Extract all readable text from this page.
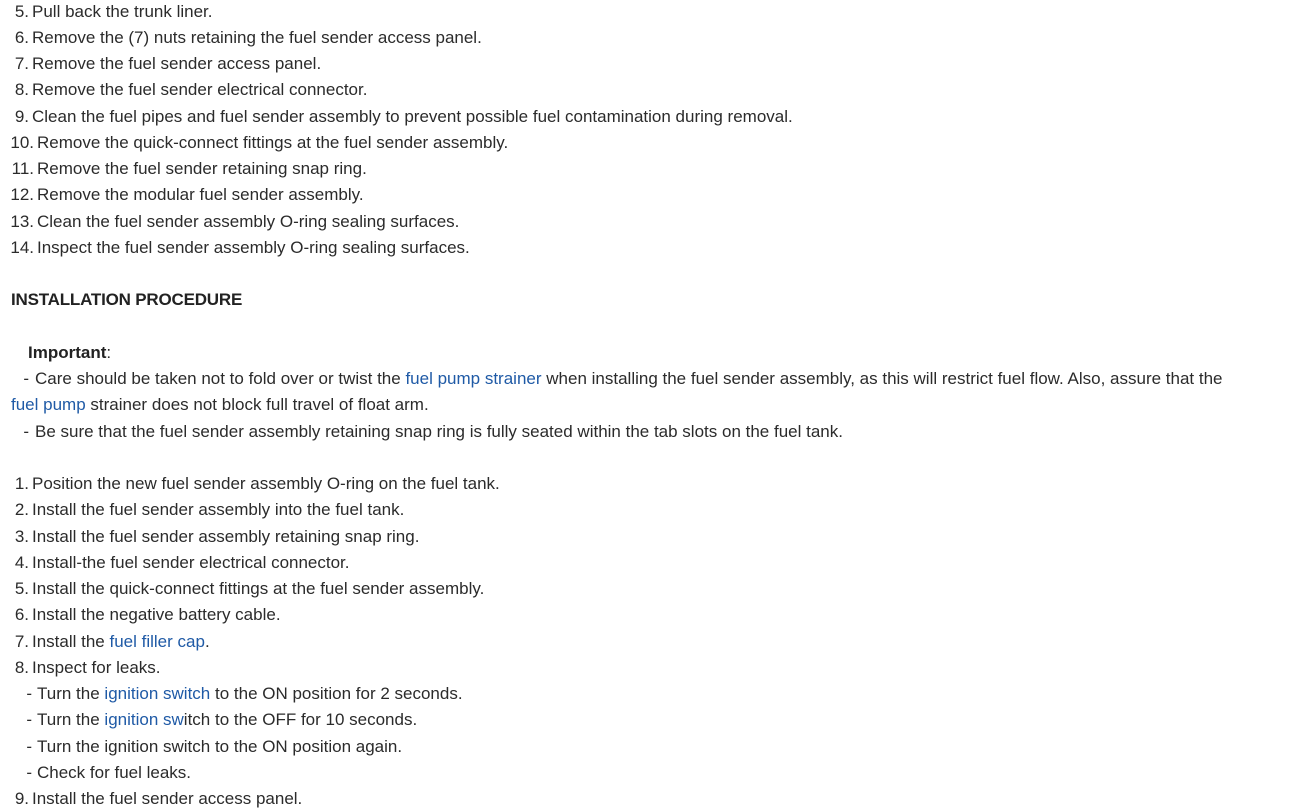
5. Pull back the trunk liner.
6. Remove the (7) nuts retaining the fuel sender access panel.
7. Remove the fuel sender access panel.
8. Remove the fuel sender electrical connector.
9. Clean the fuel pipes and fuel sender assembly to prevent possible fuel contamination during removal.
10. Remove the quick-connect fittings at the fuel sender assembly.
11. Remove the fuel sender retaining snap ring.
12. Remove the modular fuel sender assembly.
13. Clean the fuel sender assembly O-ring sealing surfaces.
14. Inspect the fuel sender assembly O-ring sealing surfaces.
INSTALLATION PROCEDURE
Important:
- Care should be taken not to fold over or twist the fuel pump strainer when installing the fuel sender assembly, as this will restrict fuel flow. Also, assure that the
fuel pump strainer does not block full travel of float arm.
- Be sure that the fuel sender assembly retaining snap ring is fully seated within the tab slots on the fuel tank.
1. Position the new fuel sender assembly O-ring on the fuel tank.
2. Install the fuel sender assembly into the fuel tank.
3. Install the fuel sender assembly retaining snap ring.
4. Install-the fuel sender electrical connector.
5. Install the quick-connect fittings at the fuel sender assembly.
6. Install the negative battery cable.
7. Install the fuel filler cap.
8. Inspect for leaks.
- Turn the ignition switch to the ON position for 2 seconds.
- Turn the ignition switch to the OFF for 10 seconds.
- Turn the ignition switch to the ON position again.
- Check for fuel leaks.
9. Install the fuel sender access panel.
